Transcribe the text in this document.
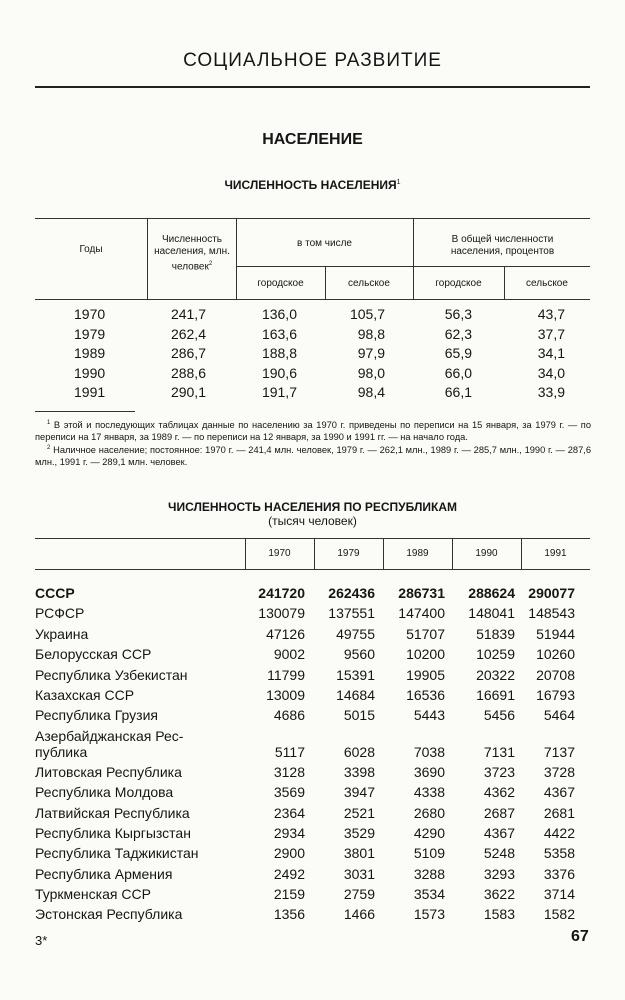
СОЦИАЛЬНОЕ РАЗВИТИЕ
НАСЕЛЕНИЕ
ЧИСЛЕННОСТЬ НАСЕЛЕНИЯ$^1$
Годы
Численность населения, млн. человек$^2$
в том числе	В общей численности населения, процентов
городское	сельское	городское	сельское
1970	241,7	136,0	105,7	56,3	43,7
1979	262,4	163,6	98,8	62,3	37,7
1989	286,7	188,8	97,9	65,9	34,1
1990	288,6	190,6	98,0	66,0	34,0
1991	290,1	191,7	98,4	66,1	33,9

$^1$ В этой и последующих таблицах данные по населению за 1970 г. приведены по переписи на 15 января, за 1979 г. — по переписи на 17 января, за 1989 г. — по переписи на 12 января, за 1990 и 1991 гг. — на начало года.

$^2$ Наличное население; постоянное: 1970 г. — 241,4 млн. человек, 1979 г. — 262,1 млн., 1989 г. — 285,7 млн., 1990 г. — 287,6 млн., 1991 г. — 289,1 млн. человек.

ЧИСЛЕННОСТЬ НАСЕЛЕНИЯ ПО РЕСПУБЛИКАМ
(тысяч человек)
1970	1979	1989	1990	1991
СССР	241720	262436	286731	288624 290077
РСФСР	130079	137551	147400	148041 148543
Украина	47126	49755	51707	51839	51944
Белорусская ССР	9002	9560	10200	10259	10260
Республика Узбекистан	11799	15391	19905	20322	20708
Казахская ССР	13009	14684	16536	16691	16793
Республика Грузия	4686	5015	5443	5456	5464
Азербайджанская Рес-публика	5117	6028	7038	7131	7137
Литовская Республика	3128	3398	3690	3723	3728
Республика Молдова	3569	3947	4338	4362	4367
Латвийская Республика	2364	2521	2680	2687	2681
Республика Кыргызстан	2934	3529	4290	4367	4422
Республика Таджикистан	2900	3801	5109	5248	5358
Республика Армения	2492	3031	3288	3293	3376
Туркменская ССР	2159	2759	3534	3622	3714
Эстонская Республика	1356	1466	1573	1583	1582
3*	67
